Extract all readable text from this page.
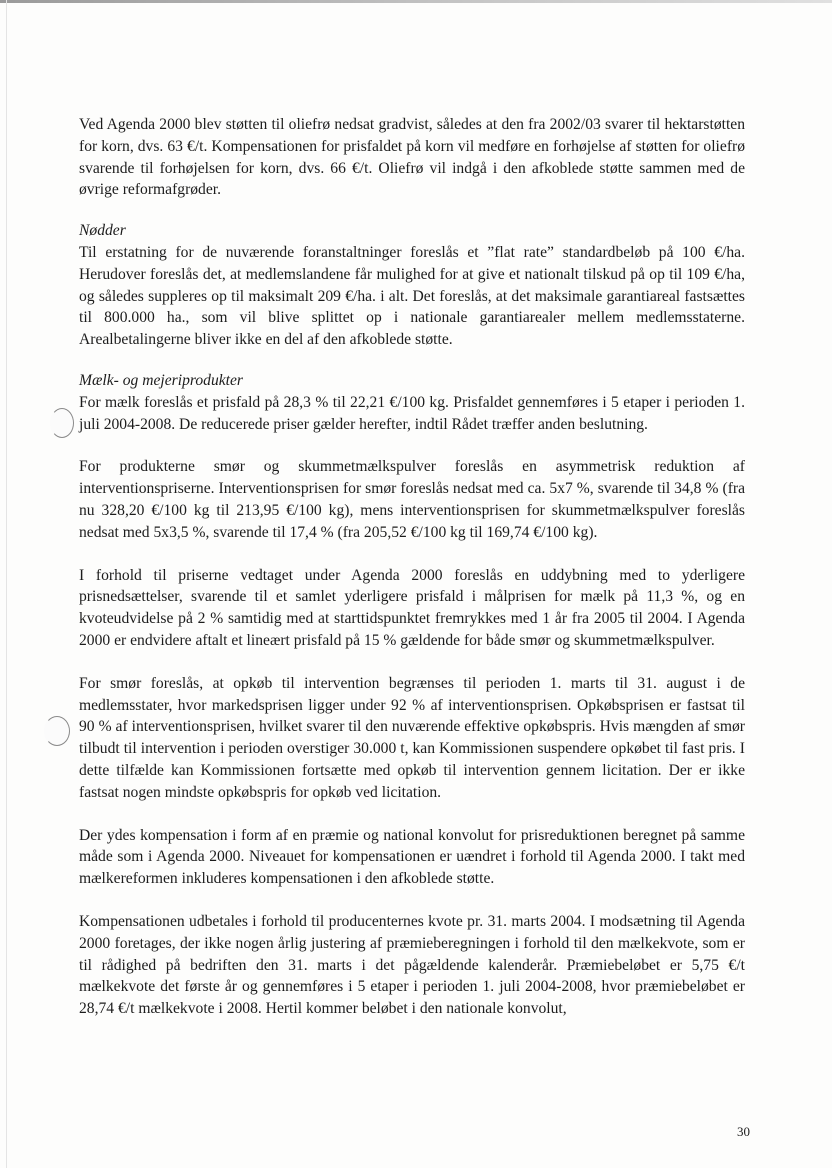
Ved Agenda 2000 blev støtten til oliefrø nedsat gradvist, således at den fra 2002/03 svarer til hektarstøtten for korn, dvs. 63 €/t. Kompensationen for prisfaldet på korn vil medføre en forhøjelse af støtten for oliefrø svarende til forhøjelsen for korn, dvs. 66 €/t. Oliefrø vil indgå i den afkoblede støtte sammen med de øvrige reformafgrøder.

Nødder

Til erstatning for de nuværende foranstaltninger foreslås et ”flat rate” standardbeløb på 100 €/ha. Herudover foreslås det, at medlemslandene får mulighed for at give et nationalt tilskud på op til 109 €/ha, og således suppleres op til maksimalt 209 €/ha. i alt. Det foreslås, at det maksimale garantiareal fastsættes til 800.000 ha., som vil blive splittet op i nationale garantiarealer mellem medlemsstaterne. Arealbetalingerne bliver ikke en del af den afkoblede støtte.

Mælk- og mejeriprodukter

For mælk foreslås et prisfald på 28,3 % til 22,21 €/100 kg. Prisfaldet gennemføres i 5 etaper i perioden 1. juli 2004-2008. De reducerede priser gælder herefter, indtil Rådet træffer anden beslutning.

For produkterne smør og skummetmælkspulver foreslås en asymmetrisk reduktion af interventionspriserne. Interventionsprisen for smør foreslås nedsat med ca. 5x7 %, svarende til 34,8 % (fra nu 328,20 €/100 kg til 213,95 €/100 kg), mens interventionsprisen for skummetmælkspulver foreslås nedsat med 5x3,5 %, svarende til 17,4 % (fra 205,52 €/100 kg til 169,74 €/100 kg).

I forhold til priserne vedtaget under Agenda 2000 foreslås en uddybning med to yderligere prisnedsættelser, svarende til et samlet yderligere prisfald i målprisen for mælk på 11,3 %, og en kvoteudvidelse på 2 % samtidig med at starttidspunktet fremrykkes med 1 år fra 2005 til 2004. I Agenda 2000 er endvidere aftalt et lineært prisfald på 15 % gældende for både smør og skummetmælkspulver.

For smør foreslås, at opkøb til intervention begrænses til perioden 1. marts til 31. august i de medlemsstater, hvor markedsprisen ligger under 92 % af interventionsprisen. Opkøbsprisen er fastsat til 90 % af interventionsprisen, hvilket svarer til den nuværende effektive opkøbspris. Hvis mængden af smør tilbudt til intervention i perioden overstiger 30.000 t, kan Kommissionen suspendere opkøbet til fast pris. I dette tilfælde kan Kommissionen fortsætte med opkøb til intervention gennem licitation. Der er ikke fastsat nogen mindste opkøbspris for opkøb ved licitation.

Der ydes kompensation i form af en præmie og national konvolut for prisreduktionen beregnet på samme måde som i Agenda 2000. Niveauet for kompensationen er uændret i forhold til Agenda 2000. I takt med mælkereformen inkluderes kompensationen i den afkoblede støtte.

Kompensationen udbetales i forhold til producenternes kvote pr. 31. marts 2004. I modsætning til Agenda 2000 foretages, der ikke nogen årlig justering af præmieberegningen i forhold til den mælkekvote, som er til rådighed på bedriften den 31. marts i det pågældende kalenderår. Præmiebeløbet er 5,75 €/t mælkekvote det første år og gennemføres i 5 etaper i perioden 1. juli 2004-2008, hvor præmiebeløbet er 28,74 €/t mælkekvote i 2008. Hertil kommer beløbet i den nationale konvolut,

30
